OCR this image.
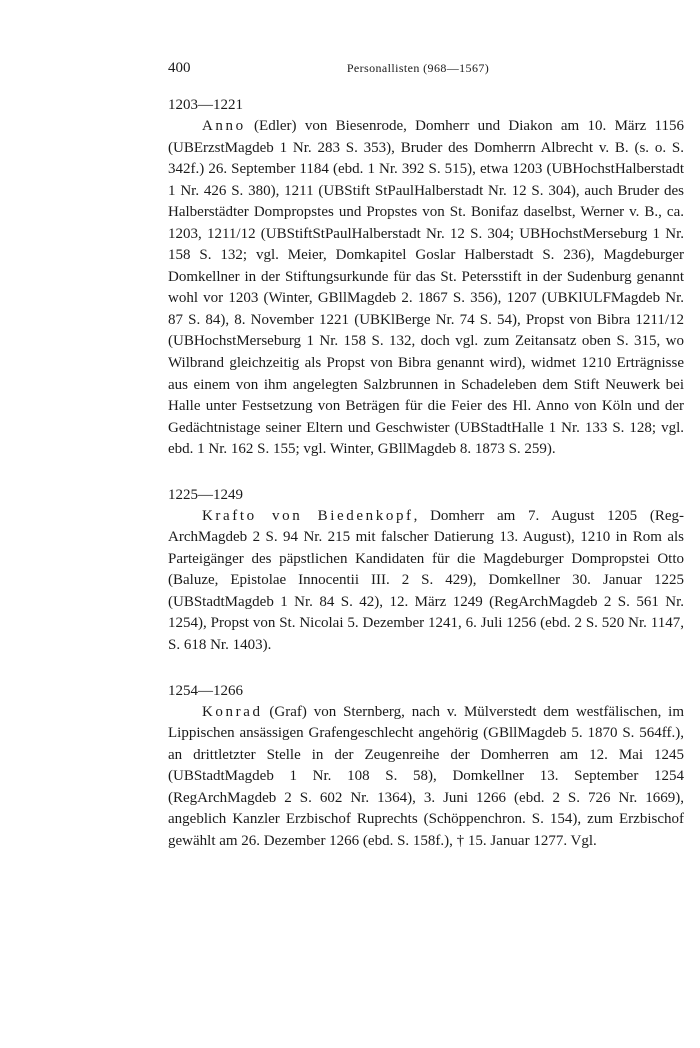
400	Personallisten (968—1567)

1203—1221

Anno (Edler) von Biesenrode, Domherr und Diakon am 10. März 1156 (UBErzstMagdeb 1 Nr. 283 S. 353), Bruder des Domherrn Albrecht v. B. (s. o. S. 342f.) 26. September 1184 (ebd. 1 Nr. 392 S. 515), etwa 1203 (UBHochstHalberstadt 1 Nr. 426 S. 380), 1211 (UBStift StPaulHalberstadt Nr. 12 S. 304), auch Bruder des Halberstädter Dompropstes und Propstes von St. Bonifaz daselbst, Werner v. B., ca. 1203, 1211/12 (UBStiftStPaulHalberstadt Nr. 12 S. 304; UBHochstMerseburg 1 Nr. 158 S. 132; vgl. Meier, Domkapitel Goslar Halberstadt S. 236), Magdeburger Domkellner in der Stiftungsurkunde für das St. Petersstift in der Sudenburg genannt wohl vor 1203 (Winter, GBllMagdeb 2. 1867 S. 356), 1207 (UBKlULFMagdeb Nr. 87 S. 84), 8. November 1221 (UBKlBerge Nr. 74 S. 54), Propst von Bibra 1211/12 (UBHochstMerseburg 1 Nr. 158 S. 132, doch vgl. zum Zeitansatz oben S. 315, wo Wilbrand gleichzeitig als Propst von Bibra genannt wird), widmet 1210 Erträgnisse aus einem von ihm angelegten Salzbrunnen in Schadeleben dem Stift Neuwerk bei Halle unter Festsetzung von Beträgen für die Feier des Hl. Anno von Köln und der Gedächtnistage seiner Eltern und Geschwister (UBStadtHalle 1 Nr. 133 S. 128; vgl. ebd. 1 Nr. 162 S. 155; vgl. Winter, GBllMagdeb 8. 1873 S. 259).

1225—1249

Krafto von Biedenkopf, Domherr am 7. August 1205 (RegArchMagdeb 2 S. 94 Nr. 215 mit falscher Datierung 13. August), 1210 in Rom als Parteigänger des päpstlichen Kandidaten für die Magdeburger Dompropstei Otto (Baluze, Epistolae Innocentii III. 2 S. 429), Domkellner 30. Januar 1225 (UBStadtMagdeb 1 Nr. 84 S. 42), 12. März 1249 (RegArchMagdeb 2 S. 561 Nr. 1254), Propst von St. Nicolai 5. Dezember 1241, 6. Juli 1256 (ebd. 2 S. 520 Nr. 1147, S. 618 Nr. 1403).

1254—1266

Konrad (Graf) von Sternberg, nach v. Mülverstedt dem westfälischen, im Lippischen ansässigen Grafengeschlecht angehörig (GBllMagdeb 5. 1870 S. 564ff.), an drittletzter Stelle in der Zeugenreihe der Domherren am 12. Mai 1245 (UBStadtMagdeb 1 Nr. 108 S. 58), Domkellner 13. September 1254 (RegArchMagdeb 2 S. 602 Nr. 1364), 3. Juni 1266 (ebd. 2 S. 726 Nr. 1669), angeblich Kanzler Erzbischof Ruprechts (Schöppenchron. S. 154), zum Erzbischof gewählt am 26. Dezember 1266 (ebd. S. 158f.), † 15. Januar 1277. Vgl.
